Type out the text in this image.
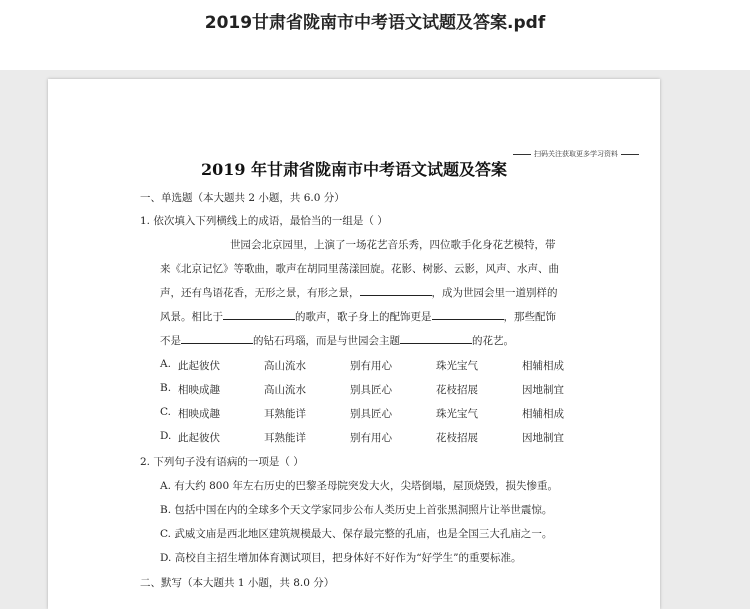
2019甘肃省陇南市中考语文试题及答案.pdf
扫码关注获取更多学习资料
2019 年甘肃省陇南市中考语文试题及答案
一、单选题（本大题共 2 小题，共 6.0 分）
1. 依次填入下列横线上的成语，最恰当的一组是（ ）
世园会北京园里，上演了一场花艺音乐秀，四位歌手化身花艺模特，带
来《北京记忆》等歌曲，歌声在胡同里荡漾回旋。花影、树影、云影，风声、水声、曲
声，还有鸟语花香，无形之景，有形之景，	，成为世园会里一道别样的
风景。相比于	的歌声，歌子身上的配饰更是	，那些配饰
不是	的钻石玛瑙，而是与世园会主题	的花艺。
A. 此起彼伏	高山流水	别有用心	珠光宝气	相辅相成
B. 相映成趣	高山流水	别具匠心	花枝招展	因地制宜
C. 相映成趣	耳熟能详	别具匠心	珠光宝气	相辅相成
D. 此起彼伏	耳熟能详	别有用心	花枝招展	因地制宜
2. 下列句子没有语病的一项是（ ）
A. 有大约 800 年左右历史的巴黎圣母院突发大火，尖塔倒塌，屋顶烧毁，损失惨重。
B. 包括中国在内的全球多个天文学家同步公布人类历史上首张黑洞照片让举世震惊。
C. 武威文庙是西北地区建筑规模最大、保存最完整的孔庙，也是全国三大孔庙之一。
D. 高校自主招生增加体育测试项目，把身体好不好作为“好学生”的重要标准。
二、默写（本大题共 1 小题，共 8.0 分）
